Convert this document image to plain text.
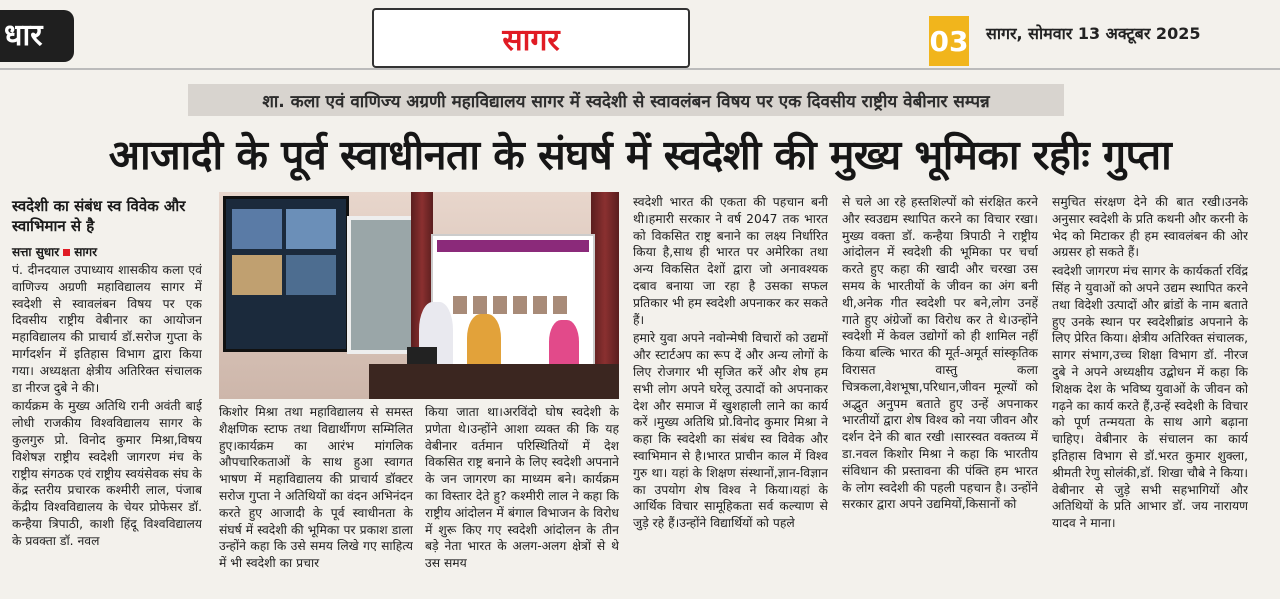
धार	सागर	03 सागर, सोमवार 13 अक्टूबर 2025
शा. कला एवं वाणिज्य अग्रणी महाविद्यालय सागर में स्वदेशी से स्वावलंबन विषय पर एक दिवसीय राष्ट्रीय वेबीनार सम्पन्न
आजादी के पूर्व स्वाधीनता के संघर्ष में स्वदेशी की मुख्य भूमिका रहीः गुप्ता
स्वदेशी का संबंध स्व विवेक और स्वाभिमान से है
सत्ता सुधार सागर

पं. दीनदयाल उपाध्याय शासकीय कला एवं वाणिज्य अग्रणी महाविद्यालय सागर में स्वदेशी से स्वावलंबन विषय पर एक दिवसीय राष्ट्रीय वेबीनार का आयोजन महाविद्यालय की प्राचार्य डॉ.सरोज गुप्ता के मार्गदर्शन में इतिहास विभाग द्वारा किया गया। अध्यक्षता क्षेत्रीय अतिरिक्त संचालक डा नीरज दुबे ने की।

कार्यक्रम के मुख्य अतिथि रानी अवंती बाई लोधी राजकीय विश्वविद्यालय सागर के कुलगुरु प्रो. विनोद कुमार मिश्रा,विषय विशेषज्ञ राष्ट्रीय स्वदेशी जागरण मंच के राष्ट्रीय संगठक एवं राष्ट्रीय स्वयंसेवक संघ के केंद्र स्तरीय प्रचारक कश्मीरी लाल, पंजाब केंद्रीय विश्वविद्यालय के चेयर प्रोफेसर डॉ. कन्हैया त्रिपाठी, काशी हिंदू विश्वविद्यालय के प्रवक्ता डॉ. नवल

किशोर मिश्रा तथा महाविद्यालय से समस्त शैक्षणिक स्टाफ तथा विद्यार्थीगण सम्मिलित हुए।कार्यक्रम का आरंभ मांगलिक औपचारिकताओं के साथ हुआ स्वागत भाषण में महाविद्यालय की प्राचार्य डॉक्टर सरोज गुप्ता ने अतिथियों का वंदन अभिनंदन करते हुए आजादी के पूर्व स्वाधीनता के संघर्ष में स्वदेशी की भूमिका पर प्रकाश डाला उन्होंने कहा कि उसे समय लिखे गए साहित्य में भी स्वदेशी का प्रचार

किया जाता था।अरविंदो घोष स्वदेशी के प्रणेता थे।उन्होंने आशा व्यक्त की कि यह वेबीनार वर्तमान परिस्थितियों में देश विकसित राष्ट्र बनाने के लिए स्वदेशी अपनाने के जन जागरण का माध्यम बने। कार्यक्रम का विस्तार देते हु? कश्मीरी लाल ने कहा कि राष्ट्रीय आंदोलन में बंगाल विभाजन के विरोध में शुरू किए गए स्वदेशी आंदोलन के तीन बड़े नेता भारत के अलग-अलग क्षेत्रों से थे उस समय

स्वदेशी भारत की एकता की पहचान बनी थी।हमारी सरकार ने वर्ष 2047 तक भारत को विकसित राष्ट्र बनाने का लक्ष्य निर्धारित किया है,साथ ही भारत पर अमेरिका तथा अन्य विकसित देशों द्वारा जो अनावश्यक दबाव बनाया जा रहा है उसका सफल प्रतिकार भी हम स्वदेशी अपनाकर कर सकते हैं।

हमारे युवा अपने नवोन्मेषी विचारों को उद्यमों और स्टार्टअप का रूप दें और अन्य लोगों के लिए रोजगार भी सृजित करें और शेष हम सभी लोग अपने घरेलू उत्पादों को अपनाकर देश और समाज में खुशहाली लाने का कार्य करें ।मुख्य अतिथि प्रो.विनोद कुमार मिश्रा ने कहा कि स्वदेशी का संबंध स्व विवेक और स्वाभिमान से है।भारत प्राचीन काल में विश्व गुरु था। यहां के शिक्षण संस्थानों,ज्ञान-विज्ञान का उपयोग शेष विश्व ने किया।यहां के आर्थिक विचार सामूहिकता सर्व कल्याण से जुड़े रहे हैं।उन्होंने विद्यार्थियों को पहले

से चले आ रहे हस्तशिल्पों को संरक्षित करने और स्वउद्यम स्थापित करने का विचार रखा।मुख्य वक्ता डॉ. कन्हैया त्रिपाठी ने राष्ट्रीय आंदोलन में स्वदेशी की भूमिका पर चर्चा करते हुए कहा की खादी और चरखा उस समय के भारतीयों के जीवन का अंग बनी थी,अनेक गीत स्वदेशी पर बने,लोग उनहें गाते हुए अंग्रेजों का विरोध कर ते थे।उन्होंने स्वदेशी में केवल उद्योगों को ही शामिल नहीं किया बल्कि भारत की मूर्त-अमूर्त सांस्कृतिक विरासत वास्तु कला चित्रकला,वेशभूषा,परिधान,जीवन मूल्यों को अद्भुत अनुपम बताते हुए उन्हें अपनाकर भारतीयों द्वारा शेष विश्व को नया जीवन और दर्शन देने की बात रखी ।सारस्वत वक्तव्य में डा.नवल किशोर मिश्रा ने कहा कि भारतीय संविधान की प्रस्तावना की पंक्ति हम भारत के लोग स्वदेशी की पहली पहचान है। उन्होंने सरकार द्वारा अपने उद्यमियों,किसानों को

समुचित संरक्षण देने की बात रखी।उनके अनुसार स्वदेशी के प्रति कथनी और करनी के भेद को मिटाकर ही हम स्वावलंबन की ओर अग्रसर हो सकते हैं।

स्वदेशी जागरण मंच सागर के कार्यकर्ता रविंद्र सिंह ने युवाओं को अपने उद्यम स्थापित करने तथा विदेशी उत्पादों और ब्रांडों के नाम बताते हुए उनके स्थान पर स्वदेशीब्रांड अपनाने के लिए प्रेरित किया। क्षेत्रीय अतिरिक्त संचालक, सागर संभाग,उच्च शिक्षा विभाग डॉ. नीरज दुबे ने अपने अध्यक्षीय उद्बोधन में कहा कि शिक्षक देश के भविष्य युवाओं के जीवन को गढ़ने का कार्य करते हैं,उन्हें स्वदेशी के विचार को पूर्ण तन्मयता के साथ आगे बढ़ाना चाहिए। वेबीनार के संचालन का कार्य इतिहास विभाग से डॉ.भरत कुमार शुक्ला, श्रीमती रेणु सोलंकी,डॉ. शिखा चौबे ने किया।वेबीनार से जुड़े सभी सहभागियों और अतिथियों के प्रति आभार डॉ. जय नारायण यादव ने माना।
